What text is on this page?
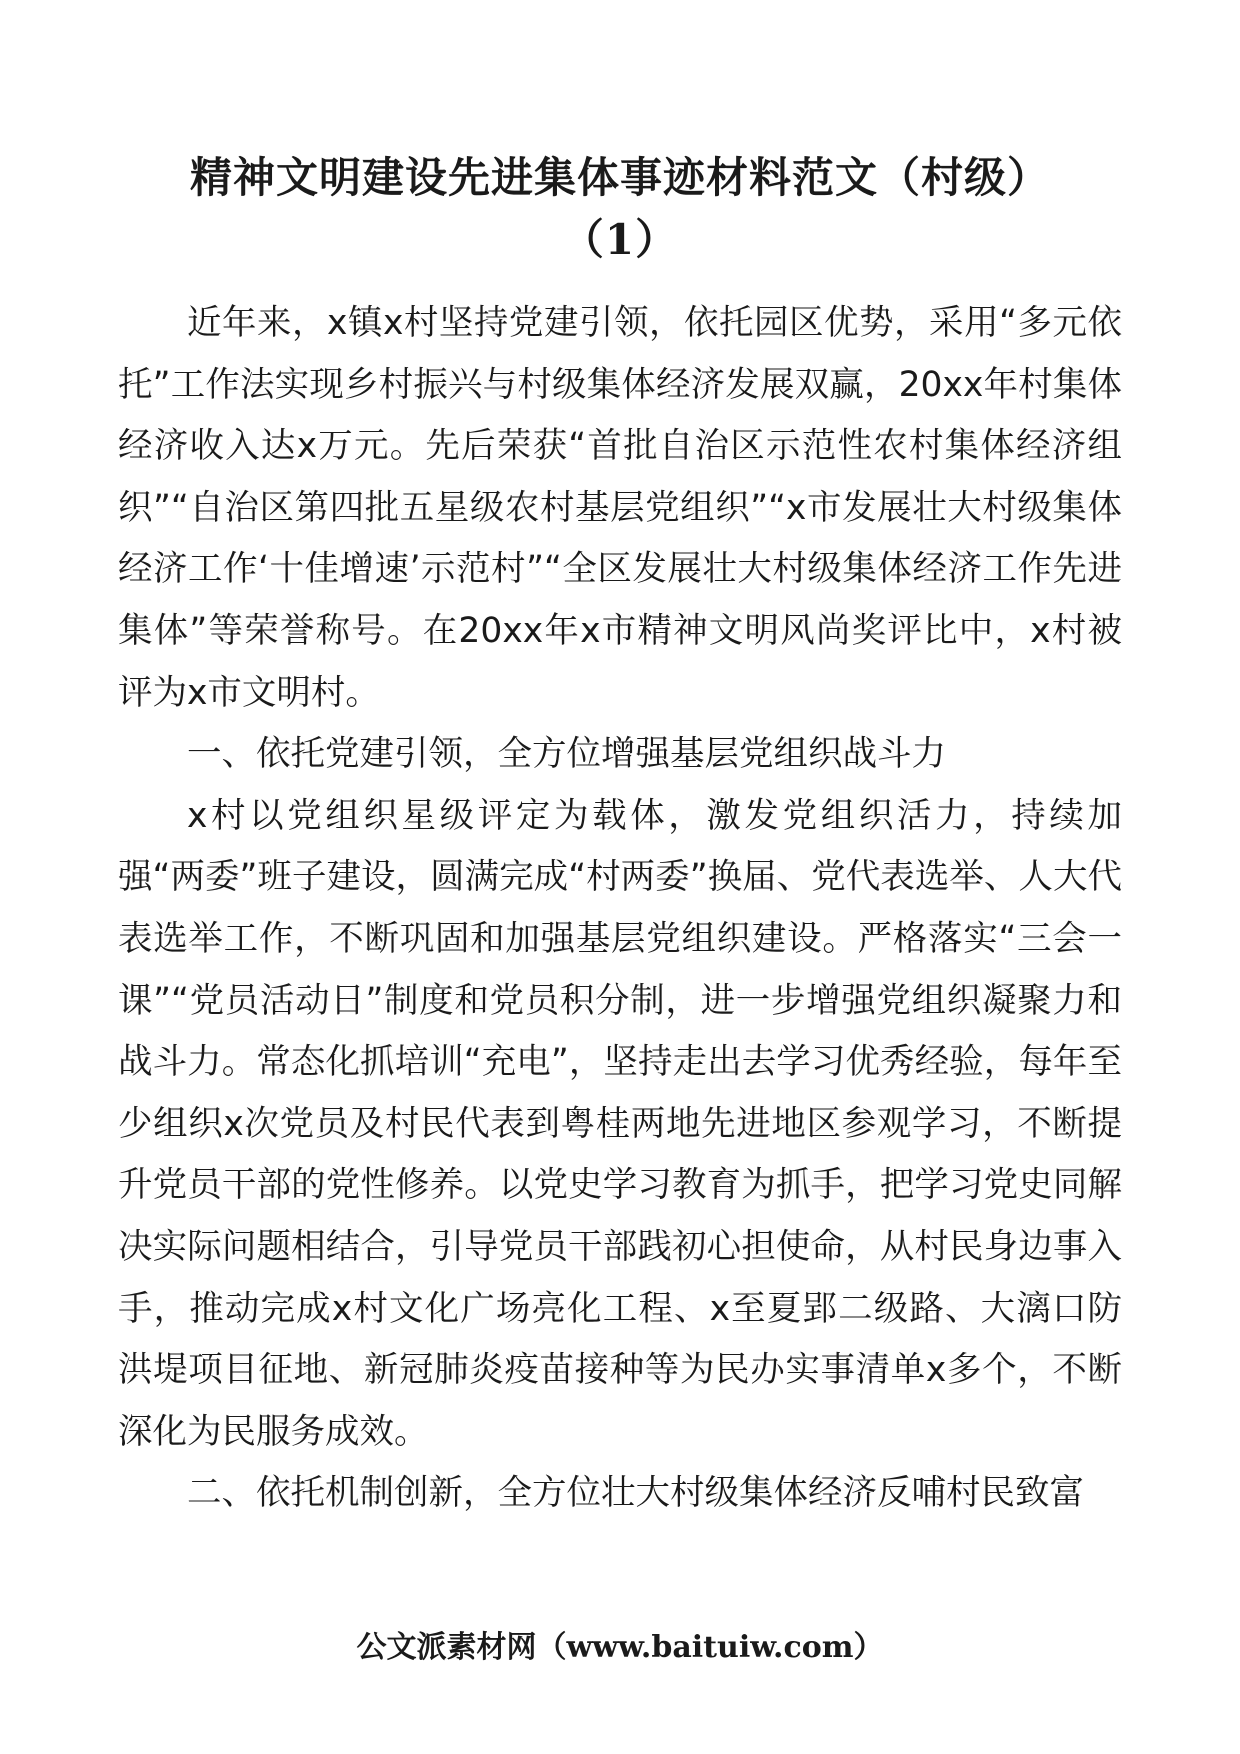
精神文明建设先进集体事迹材料范文（村级）
（1）

近年来，x镇x村坚持党建引领，依托园区优势，采用“多元依托”工作法实现乡村振兴与村级集体经济发展双赢，20xx年村集体经济收入达x万元。先后荣获“首批自治区示范性农村集体经济组织”“自治区第四批五星级农村基层党组织”“x市发展壮大村级集体经济工作‘十佳增速’示范村”“全区发展壮大村级集体经济工作先进集体”等荣誉称号。在20xx年x市精神文明风尚奖评比中，x村被评为x市文明村。

一、依托党建引领，全方位增强基层党组织战斗力

x村以党组织星级评定为载体，激发党组织活力，持续加强“两委”班子建设，圆满完成“村两委”换届、党代表选举、人大代表选举工作，不断巩固和加强基层党组织建设。严格落实“三会一课”“党员活动日”制度和党员积分制，进一步增强党组织凝聚力和战斗力。常态化抓培训“充电”，坚持走出去学习优秀经验，每年至少组织x次党员及村民代表到粤桂两地先进地区参观学习，不断提升党员干部的党性修养。以党史学习教育为抓手，把学习党史同解决实际问题相结合，引导党员干部践初心担使命，从村民身边事入手，推动完成x村文化广场亮化工程、x至夏郢二级路、大漓口防洪堤项目征地、新冠肺炎疫苗接种等为民办实事清单x多个，不断深化为民服务成效。

二、依托机制创新，全方位壮大村级集体经济反哺村民致富

公文派素材网（www.baituiw.com）
